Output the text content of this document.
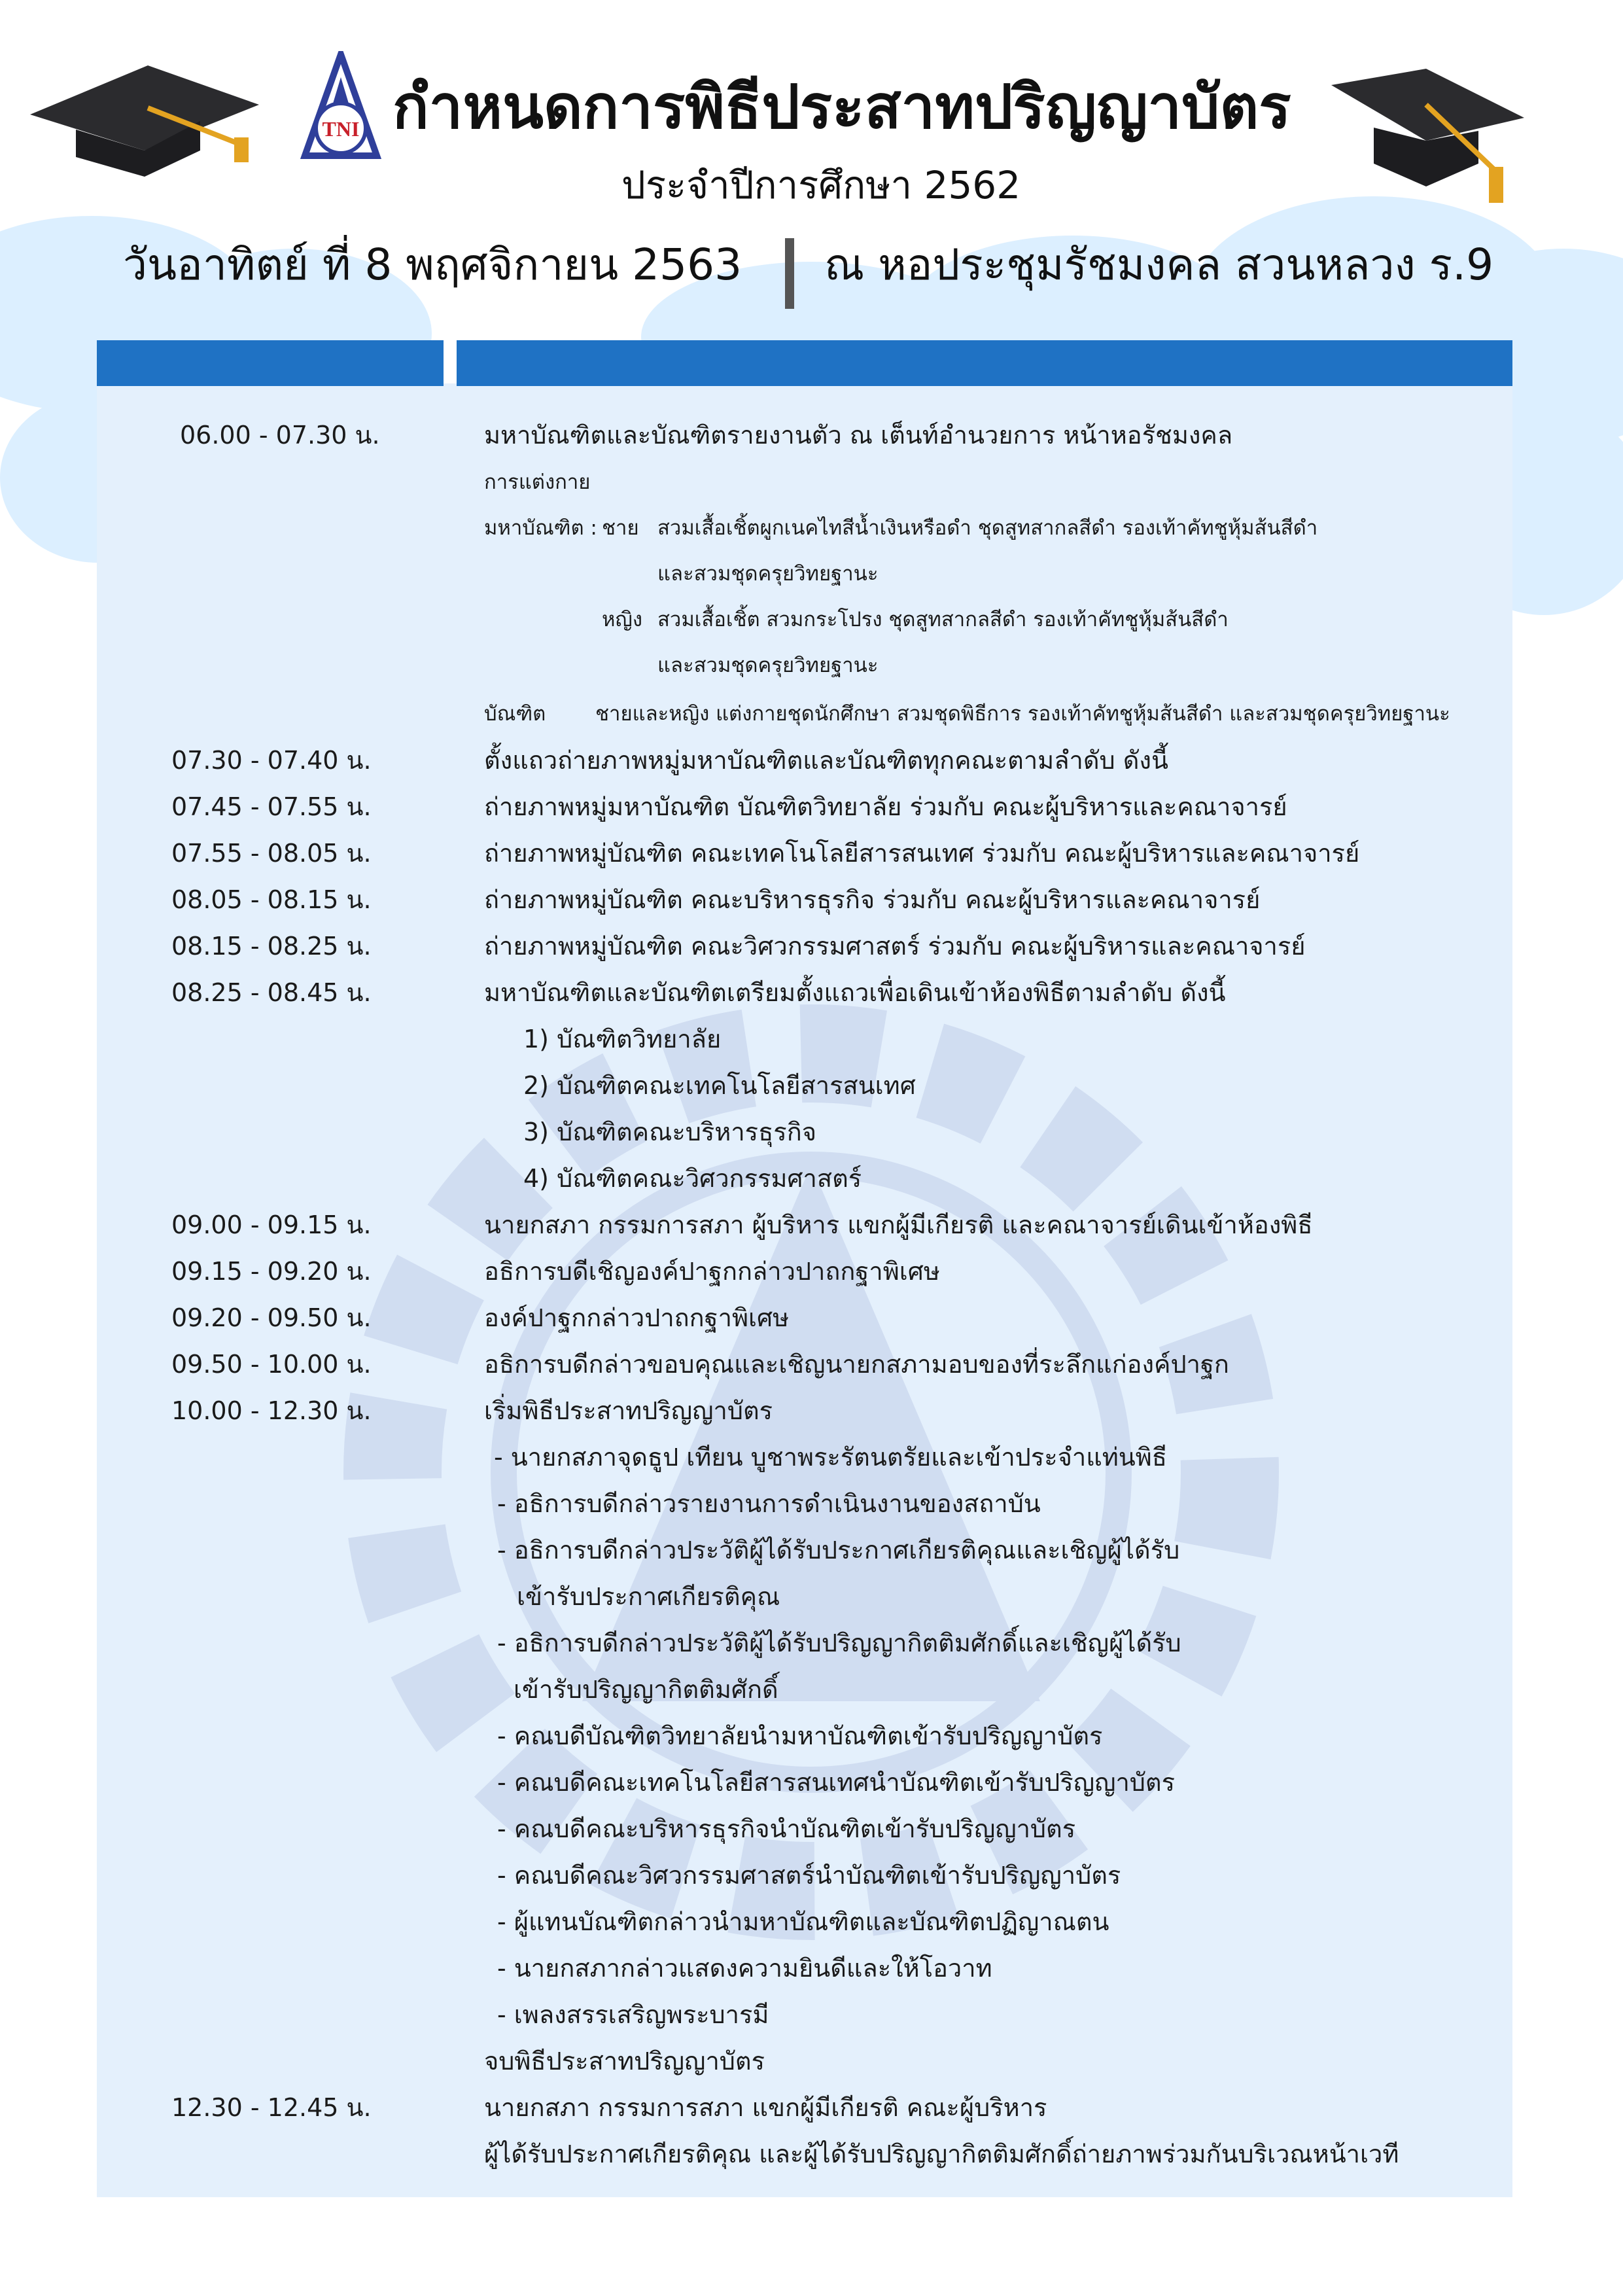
TNI กำหนดการพิธีประสาทปริญญาบัตร
ประจำปีการศึกษา 2562
วันอาทิตย์ ที่ 8 พฤศจิกายน 2563 ณ หอประชุมรัชมงคล สวนหลวง ร.9
06.00 - 07.30 น.	มหาบัณฑิตและบัณฑิตรายงานตัว ณ เต็นท์อำนวยการ หน้าหอรัชมงคล
การแต่งกาย
มหาบัณฑิต : ชาย สวมเสื้อเชิ้ตผูกเนคไทสีน้ำเงินหรือดำ ชุดสูทสากลสีดำ รองเท้าคัทชูหุ้มส้นสีดำ
และสวมชุดครุยวิทยฐานะ
หญิง สวมเสื้อเชิ้ต สวมกระโปรง ชุดสูทสากลสีดำ รองเท้าคัทชูหุ้มส้นสีดำ
และสวมชุดครุยวิทยฐานะ
บัณฑิต ชายและหญิง แต่งกายชุดนักศึกษา สวมชุดพิธีการ รองเท้าคัทชูหุ้มส้นสีดำ และสวมชุดครุยวิทยฐานะ
07.30 - 07.40 น.	ตั้งแถวถ่ายภาพหมู่มหาบัณฑิตและบัณฑิตทุกคณะตามลำดับ ดังนี้
07.45 - 07.55 น.	ถ่ายภาพหมู่มหาบัณฑิต บัณฑิตวิทยาลัย ร่วมกับ คณะผู้บริหารและคณาจารย์
07.55 - 08.05 น.	ถ่ายภาพหมู่บัณฑิต คณะเทคโนโลยีสารสนเทศ ร่วมกับ คณะผู้บริหารและคณาจารย์
08.05 - 08.15 น.	ถ่ายภาพหมู่บัณฑิต คณะบริหารธุรกิจ ร่วมกับ คณะผู้บริหารและคณาจารย์
08.15 - 08.25 น.	ถ่ายภาพหมู่บัณฑิต คณะวิศวกรรมศาสตร์ ร่วมกับ คณะผู้บริหารและคณาจารย์
08.25 - 08.45 น.	มหาบัณฑิตและบัณฑิตเตรียมตั้งแถวเพื่อเดินเข้าห้องพิธีตามลำดับ ดังนี้
1) บัณฑิตวิทยาลัย
2) บัณฑิตคณะเทคโนโลยีสารสนเทศ
3) บัณฑิตคณะบริหารธุรกิจ
4) บัณฑิตคณะวิศวกรรมศาสตร์
09.00 - 09.15 น.	นายกสภา กรรมการสภา ผู้บริหาร แขกผู้มีเกียรติ และคณาจารย์เดินเข้าห้องพิธี
09.15 - 09.20 น.	อธิการบดีเชิญองค์ปาฐกกล่าวปาถกฐาพิเศษ
09.20 - 09.50 น.	องค์ปาฐกกล่าวปาถกฐาพิเศษ
09.50 - 10.00 น.	อธิการบดีกล่าวขอบคุณและเชิญนายกสภามอบของที่ระลึกแก่องค์ปาฐก
10.00 - 12.30 น.	เริ่มพิธีประสาทปริญญาบัตร
- นายกสภาจุดธูป เทียน บูชาพระรัตนตรัยและเข้าประจำแท่นพิธี
- อธิการบดีกล่าวรายงานการดำเนินงานของสถาบัน
- อธิการบดีกล่าวประวัติผู้ได้รับประกาศเกียรติคุณและเชิญผู้ได้รับ
เข้ารับประกาศเกียรติคุณ
- อธิการบดีกล่าวประวัติผู้ได้รับปริญญากิตติมศักดิ์และเชิญผู้ได้รับ
เข้ารับปริญญากิตติมศักดิ์
- คณบดีบัณฑิตวิทยาลัยนำมหาบัณฑิตเข้ารับปริญญาบัตร
- คณบดีคณะเทคโนโลยีสารสนเทศนำบัณฑิตเข้ารับปริญญาบัตร
- คณบดีคณะบริหารธุรกิจนำบัณฑิตเข้ารับปริญญาบัตร
- คณบดีคณะวิศวกรรมศาสตร์นำบัณฑิตเข้ารับปริญญาบัตร
- ผู้แทนบัณฑิตกล่าวนำมหาบัณฑิตและบัณฑิตปฏิญาณตน
- นายกสภากล่าวแสดงความยินดีและให้โอวาท
- เพลงสรรเสริญพระบารมี
จบพิธีประสาทปริญญาบัตร
12.30 - 12.45 น.	นายกสภา กรรมการสภา แขกผู้มีเกียรติ คณะผู้บริหาร
ผู้ได้รับประกาศเกียรติคุณ และผู้ได้รับปริญญากิตติมศักดิ์ถ่ายภาพร่วมกันบริเวณหน้าเวที
